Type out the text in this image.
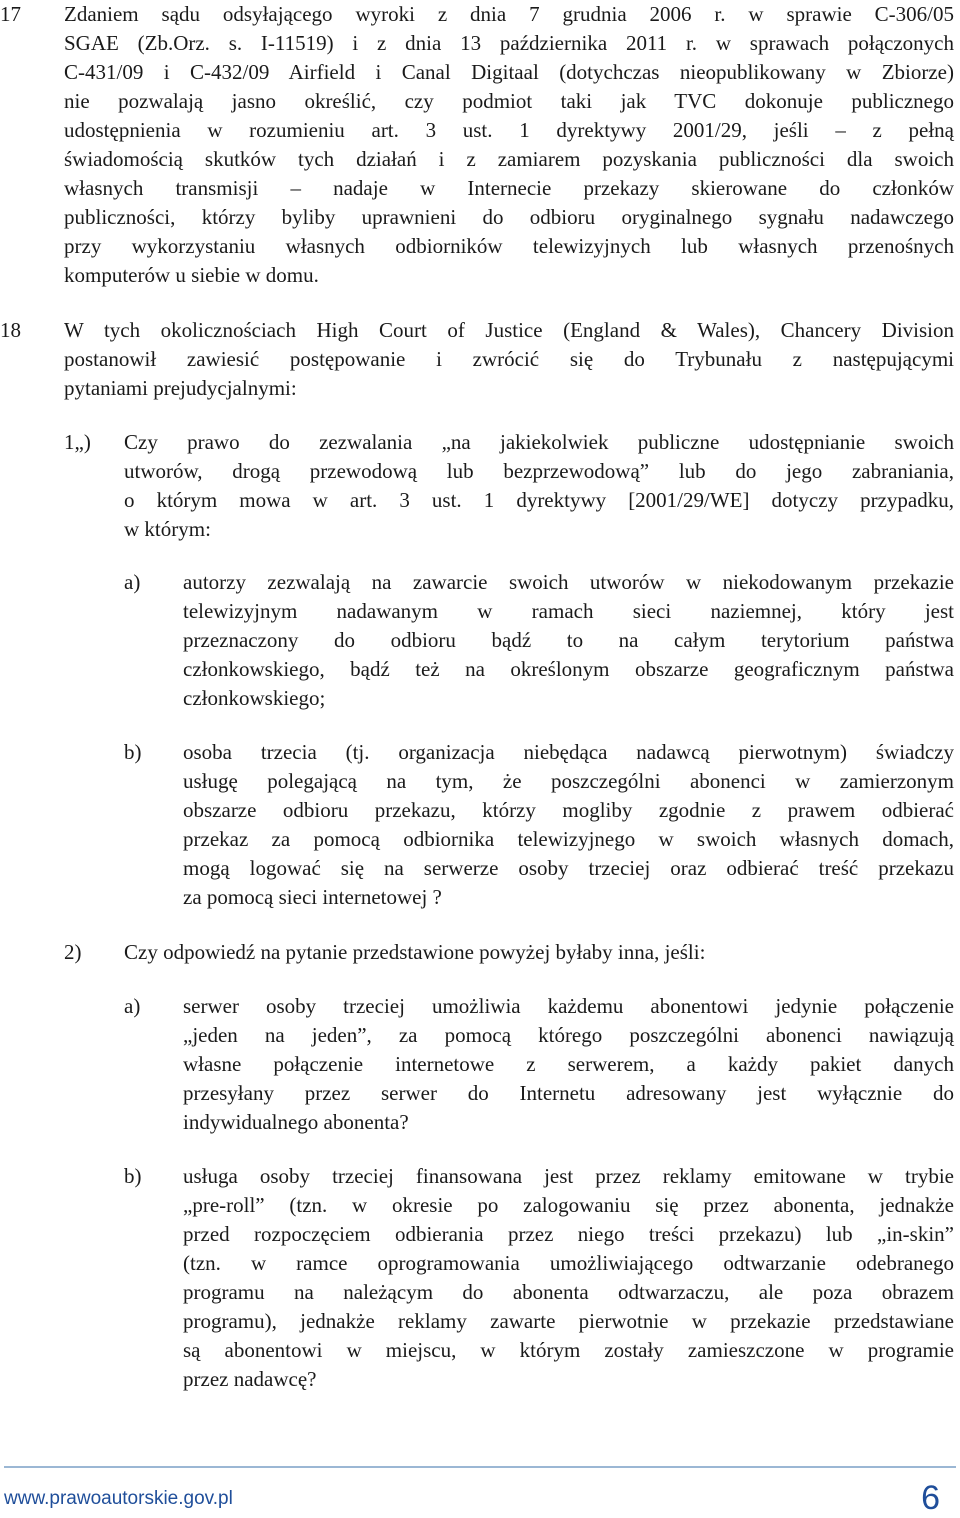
17	Zdaniem sądu odsyłającego wyroki z dnia 7 grudnia 2006 r. w sprawie C-306/05
SGAE (Zb.Orz. s. I-11519) i z dnia 13 października 2011 r. w sprawach połączonych
C-431/09 i C-432/09 Airfield i Canal Digitaal (dotychczas nieopublikowany w Zbiorze)
nie pozwalają jasno określić, czy podmiot taki jak TVC dokonuje publicznego
udostępnienia w rozumieniu art. 3 ust. 1 dyrektywy 2001/29, jeśli – z pełną
świadomością skutków tych działań i z zamiarem pozyskania publiczności dla swoich
własnych transmisji – nadaje w Internecie przekazy skierowane do członków
publiczności, którzy byliby uprawnieni do odbioru oryginalnego sygnału nadawczego
przy wykorzystaniu własnych odbiorników telewizyjnych lub własnych przenośnych
komputerów u siebie w domu.
18	W tych okolicznościach High Court of Justice (England & Wales), Chancery Division
postanowił zawiesić postępowanie i zwrócić się do Trybunału z następującymi
pytaniami prejudycjalnymi:
1„) Czy prawo do zezwalania „na jakiekolwiek publiczne udostępnianie swoich
utworów, drogą przewodową lub bezprzewodową” lub do jego zabraniania,
o którym mowa w art. 3 ust. 1 dyrektywy [2001/29/WE] dotyczy przypadku,
w którym:
a) autorzy zezwalają na zawarcie swoich utworów w niekodowanym przekazie
telewizyjnym nadawanym w ramach sieci naziemnej, który jest
przeznaczony do odbioru bądź to na całym terytorium państwa
członkowskiego, bądź też na określonym obszarze geograficznym państwa
członkowskiego;
b) osoba trzecia (tj. organizacja niebędąca nadawcą pierwotnym) świadczy
usługę polegającą na tym, że poszczególni abonenci w zamierzonym
obszarze odbioru przekazu, którzy mogliby zgodnie z prawem odbierać
przekaz za pomocą odbiornika telewizyjnego w swoich własnych domach,
mogą logować się na serwerze osoby trzeciej oraz odbierać treść przekazu
za pomocą sieci internetowej ?
2) Czy odpowiedź na pytanie przedstawione powyżej byłaby inna, jeśli:
a) serwer osoby trzeciej umożliwia każdemu abonentowi jedynie połączenie
„jeden na jeden”, za pomocą którego poszczególni abonenci nawiązują
własne połączenie internetowe z serwerem, a każdy pakiet danych
przesyłany przez serwer do Internetu adresowany jest wyłącznie do
indywidualnego abonenta?
b) usługa osoby trzeciej finansowana jest przez reklamy emitowane w trybie
„pre-roll” (tzn. w okresie po zalogowaniu się przez abonenta, jednakże
przed rozpoczęciem odbierania przez niego treści przekazu) lub „in-skin”
(tzn. w ramce oprogramowania umożliwiającego odtwarzanie odebranego
programu na należącym do abonenta odtwarzaczu, ale poza obrazem
programu), jednakże reklamy zawarte pierwotnie w przekazie przedstawiane
są abonentowi w miejscu, w którym zostały zamieszczone w programie
przez nadawcę?
www.prawoautorskie.gov.pl	6
